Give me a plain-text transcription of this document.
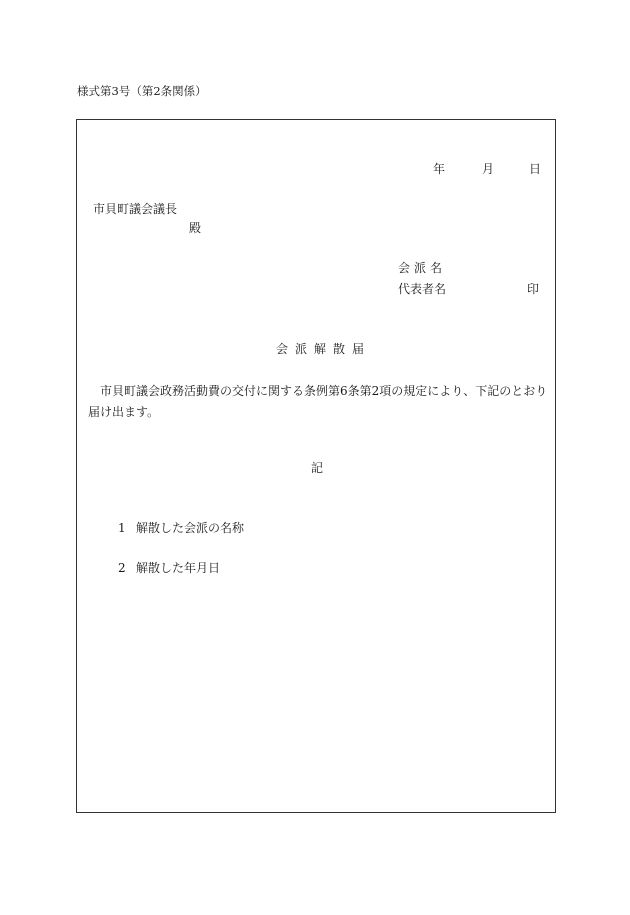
様式第3号（第2条関係）
年	月	日
市貝町議会議長
殿
会派名
代表者名	印
会派解散届
市貝町議会政務活動費の交付に関する条例第6条第2項の規定により、下記のとおり届け出ます。
記
1 解散した会派の名称
2 解散した年月日
